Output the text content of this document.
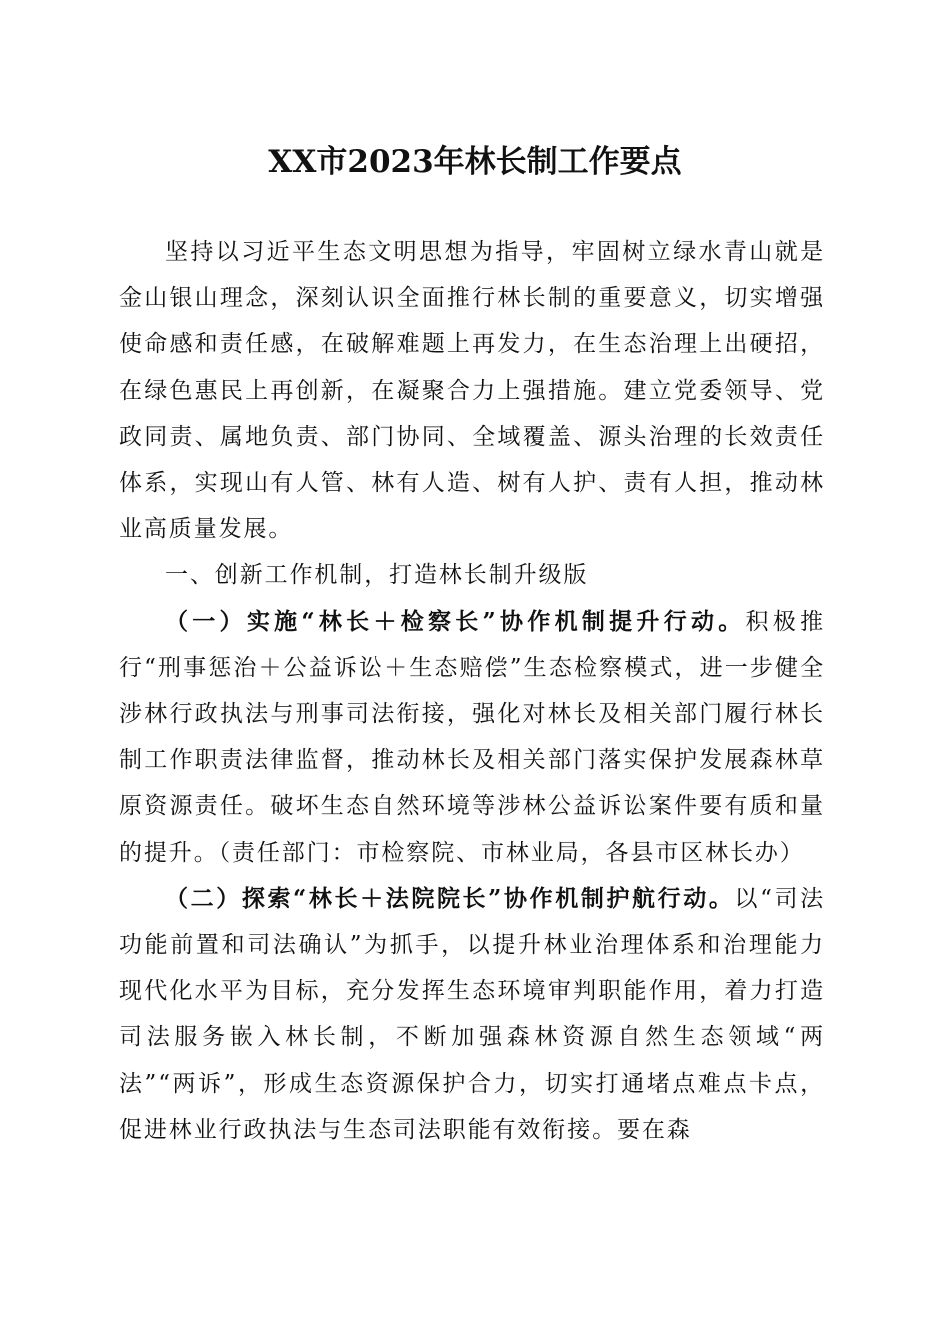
XX市2023年林长制工作要点

坚持以习近平生态文明思想为指导，牢固树立绿水青山就是金山银山理念，深刻认识全面推行林长制的重要意义，切实增强使命感和责任感，在破解难题上再发力，在生态治理上出硬招，在绿色惠民上再创新，在凝聚合力上强措施。建立党委领导、党政同责、属地负责、部门协同、全域覆盖、源头治理的长效责任体系，实现山有人管、林有人造、树有人护、责有人担，推动林业高质量发展。

一、创新工作机制，打造林长制升级版

（一）实施“林长＋检察长”协作机制提升行动。积极推行“刑事惩治＋公益诉讼＋生态赔偿”生态检察模式，进一步健全涉林行政执法与刑事司法衔接，强化对林长及相关部门履行林长制工作职责法律监督，推动林长及相关部门落实保护发展森林草原资源责任。破坏生态自然环境等涉林公益诉讼案件要有质和量的提升。（责任部门：市检察院、市林业局，各县市区林长办）

（二）探索“林长＋法院院长”协作机制护航行动。以“司法功能前置和司法确认”为抓手，以提升林业治理体系和治理能力现代化水平为目标，充分发挥生态环境审判职能作用，着力打造司法服务嵌入林长制，不断加强森林资源自然生态领域“两法”“两诉”，形成生态资源保护合力，切实打通堵点难点卡点，促进林业行政执法与生态司法职能有效衔接。要在森
